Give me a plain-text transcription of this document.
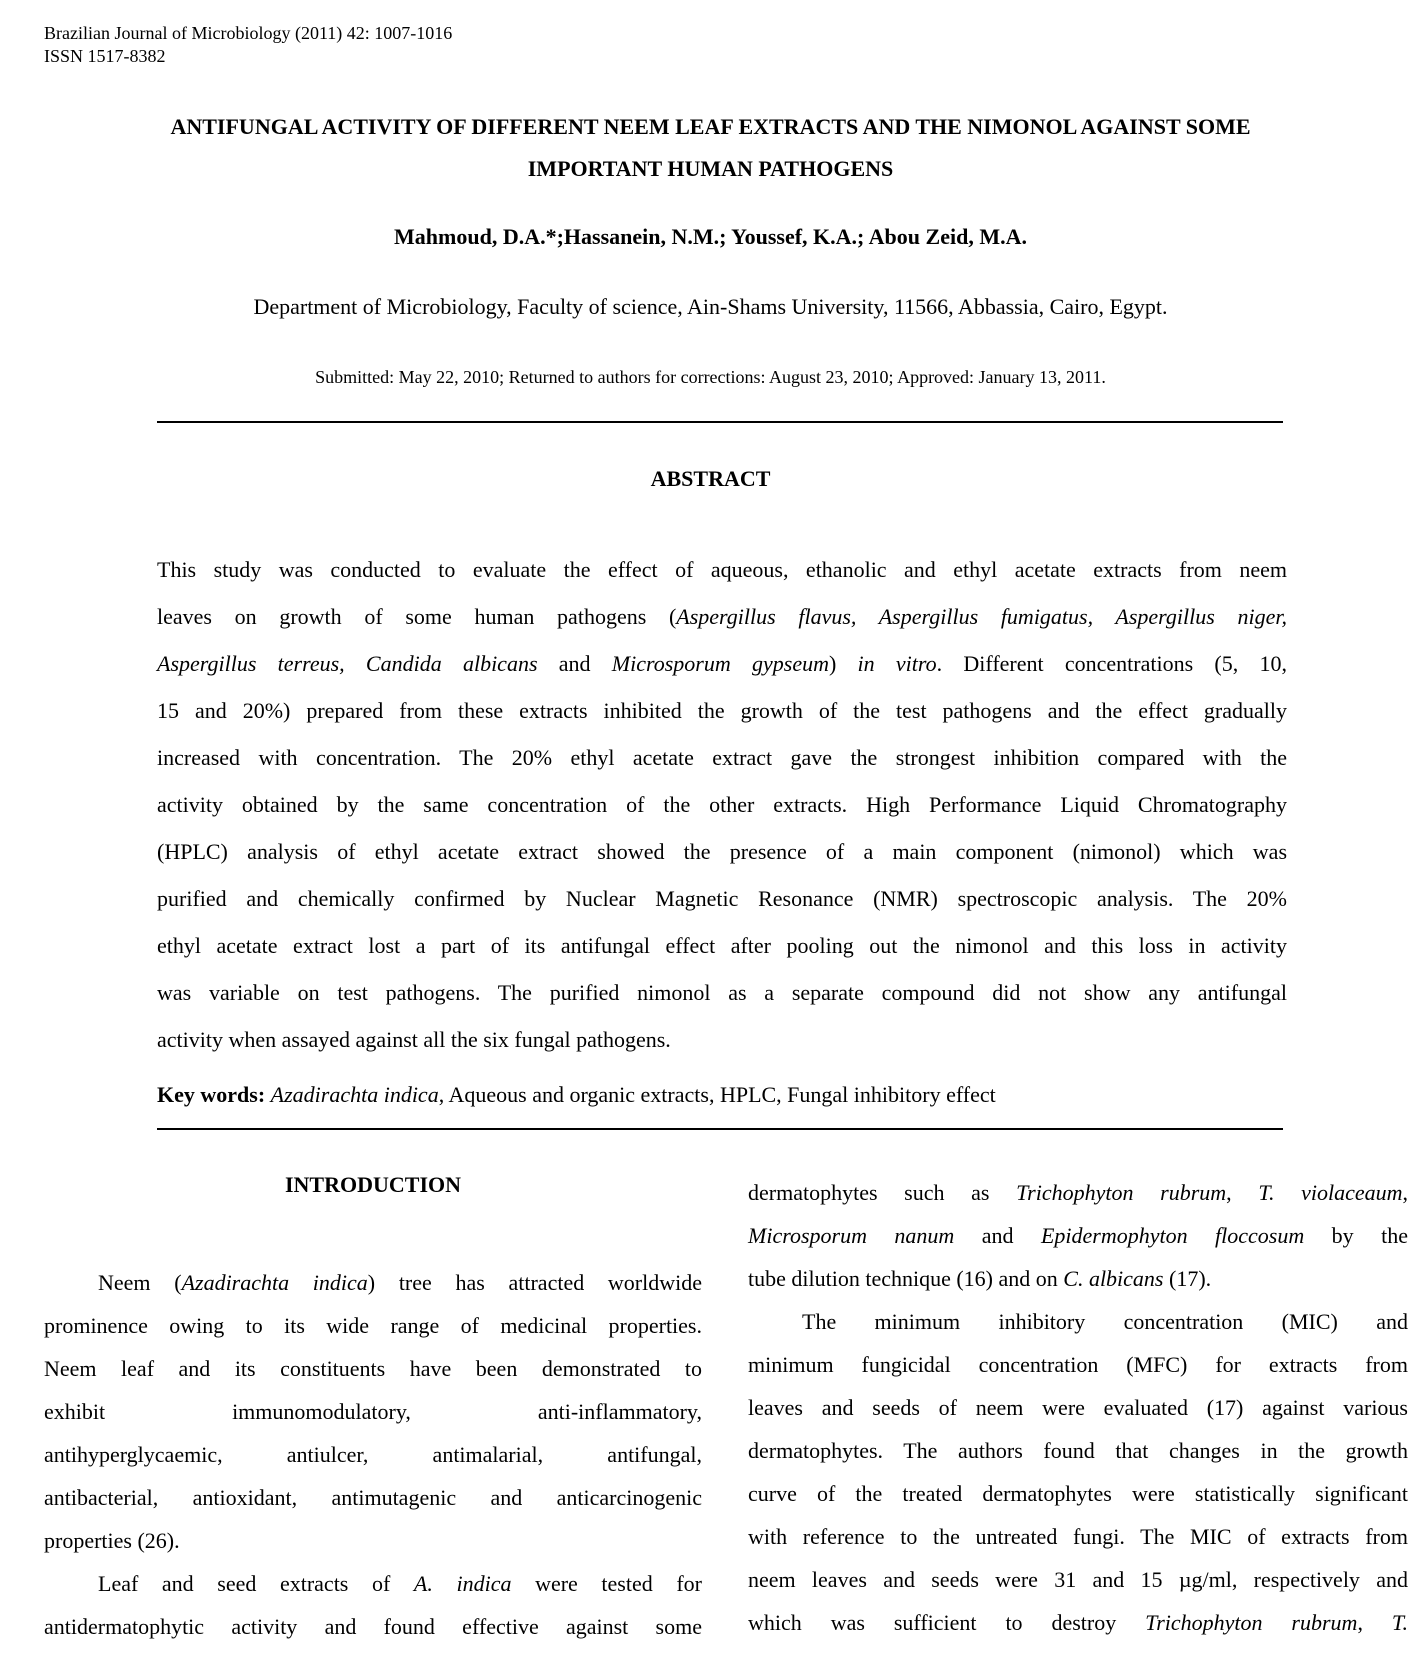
Brazilian Journal of Microbiology (2011) 42: 1007-1016
ISSN 1517-8382
ANTIFUNGAL ACTIVITY OF DIFFERENT NEEM LEAF EXTRACTS AND THE NIMONOL AGAINST SOME
IMPORTANT HUMAN PATHOGENS
Mahmoud, D.A.*;Hassanein, N.M.; Youssef, K.A.; Abou Zeid, M.A.
Department of Microbiology, Faculty of science, Ain-Shams University, 11566, Abbassia, Cairo, Egypt.
Submitted: May 22, 2010; Returned to authors for corrections: August 23, 2010; Approved: January 13, 2011.
ABSTRACT
This study was conducted to evaluate the effect of aqueous, ethanolic and ethyl acetate extracts from neem
leaves on growth of some human pathogens (Aspergillus flavus, Aspergillus fumigatus, Aspergillus niger,
Aspergillus terreus, Candida albicans and Microsporum gypseum) in vitro. Different concentrations (5, 10,
15 and 20%) prepared from these extracts inhibited the growth of the test pathogens and the effect gradually
increased with concentration. The 20% ethyl acetate extract gave the strongest inhibition compared with the
activity obtained by the same concentration of the other extracts. High Performance Liquid Chromatography
(HPLC) analysis of ethyl acetate extract showed the presence of a main component (nimonol) which was
purified and chemically confirmed by Nuclear Magnetic Resonance (NMR) spectroscopic analysis. The 20%
ethyl acetate extract lost a part of its antifungal effect after pooling out the nimonol and this loss in activity
was variable on test pathogens. The purified nimonol as a separate compound did not show any antifungal
activity when assayed against all the six fungal pathogens.
Key words: Azadirachta indica, Aqueous and organic extracts, HPLC, Fungal inhibitory effect
INTRODUCTION
Neem (Azadirachta indica) tree has attracted worldwide
prominence owing to its wide range of medicinal properties.
Neem leaf and its constituents have been demonstrated to
exhibit immunomodulatory, anti-inflammatory,
antihyperglycaemic, antiulcer, antimalarial, antifungal,
antibacterial, antioxidant, antimutagenic and anticarcinogenic
properties (26).
Leaf and seed extracts of A. indica were tested for
antidermatophytic activity and found effective against some
dermatophytes such as Trichophyton rubrum, T. violaceaum,
Microsporum nanum and Epidermophyton floccosum by the
tube dilution technique (16) and on C. albicans (17).
The minimum inhibitory concentration (MIC) and
minimum fungicidal concentration (MFC) for extracts from
leaves and seeds of neem were evaluated (17) against various
dermatophytes. The authors found that changes in the growth
curve of the treated dermatophytes were statistically significant
with reference to the untreated fungi. The MIC of extracts from
neem leaves and seeds were 31 and 15 µg/ml, respectively and
which was sufficient to destroy Trichophyton rubrum, T.
